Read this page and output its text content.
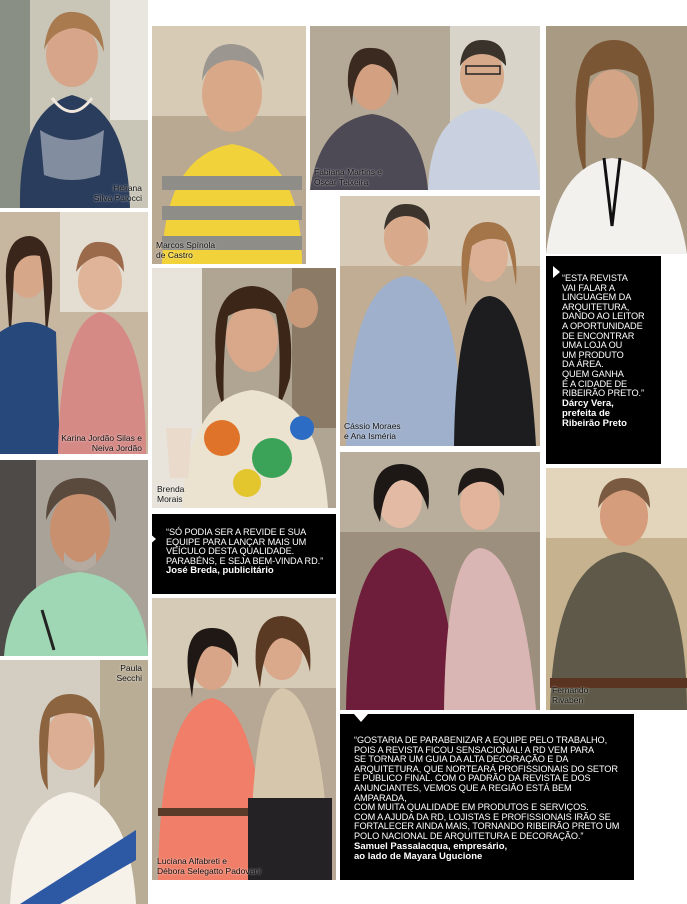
Heliana
Silva Palocci
Marcos Spínola
de Castro
Fabiana Martins e
Oscar Teixeira
Karina Jordão Silas e
Neiva Jordão
Cássio Moraes
e Ana Isméria
Brenda
Morais
“ESTA REVISTA
VAI FALAR A
LINGUAGEM DA
ARQUITETURA,
DANDO AO LEITOR
A OPORTUNIDADE
DE ENCONTRAR
UMA LOJA OU
UM PRODUTO
DA ÁREA.
QUEM GANHA
É A CIDADE DE
RIBEIRÃO PRETO.”
Dárcy Vera,
prefeita de
Ribeirão Preto
“SÓ PODIA SER A REVIDE E SUA
EQUIPE PARA LANÇAR MAIS UM
VEÍCULO DESTA QUALIDADE.
PARABÉNS, E SEJA BEM-VINDA RD.”
José Breda, publicitário
Paula
Secchi
Luciana Alfabreti e
Débora Selegatto Padovani
Fernando
Rivaben
“GOSTARIA DE PARABENIZAR A EQUIPE PELO TRABALHO,
POIS A REVISTA FICOU SENSACIONAL! A RD VEM PARA
SE TORNAR UM GUIA DA ALTA DECORAÇÃO E DA
ARQUITETURA, QUE NORTEARÁ PROFISSIONAIS DO SETOR
E PÚBLICO FINAL. COM O PADRÃO DA REVISTA E DOS
ANUNCIANTES, VEMOS QUE A REGIÃO ESTÁ BEM AMPARADA,
COM MUITA QUALIDADE EM PRODUTOS E SERVIÇOS.
COM A AJUDA DA RD, LOJISTAS E PROFISSIONAIS IRÃO SE
FORTALECER AINDA MAIS, TORNANDO RIBEIRÃO PRETO UM
POLO NACIONAL DE ARQUITETURA E DECORAÇÃO.”
Samuel Passalacqua, empresário,
ao lado de Mayara Ugucione
